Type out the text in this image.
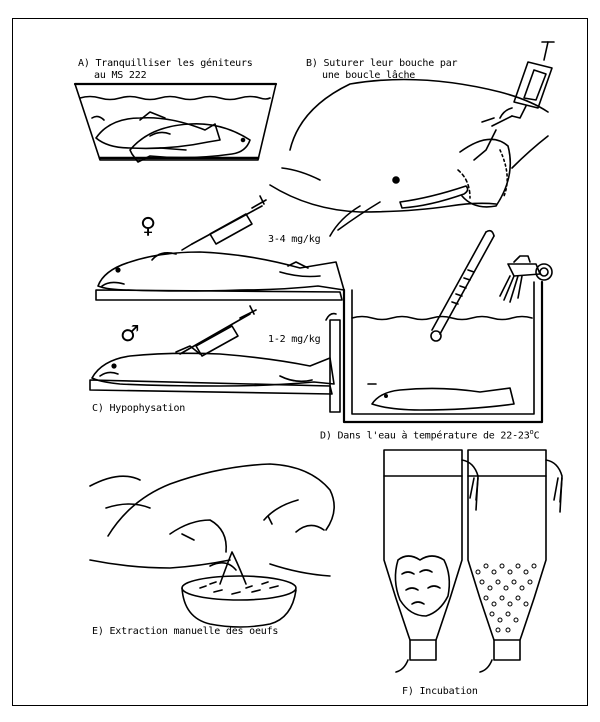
A) Tranquilliser les géniteurs
au MS 222
B) Suturer leur bouche par
une boucle lâche
♀
3-4 mg/kg
♂	1-2 mg/kg
C) Hypophysation
D) Dans l'eau à température de 22-23$^o$C
E) Extraction manuelle des oeufs
F) Incubation
